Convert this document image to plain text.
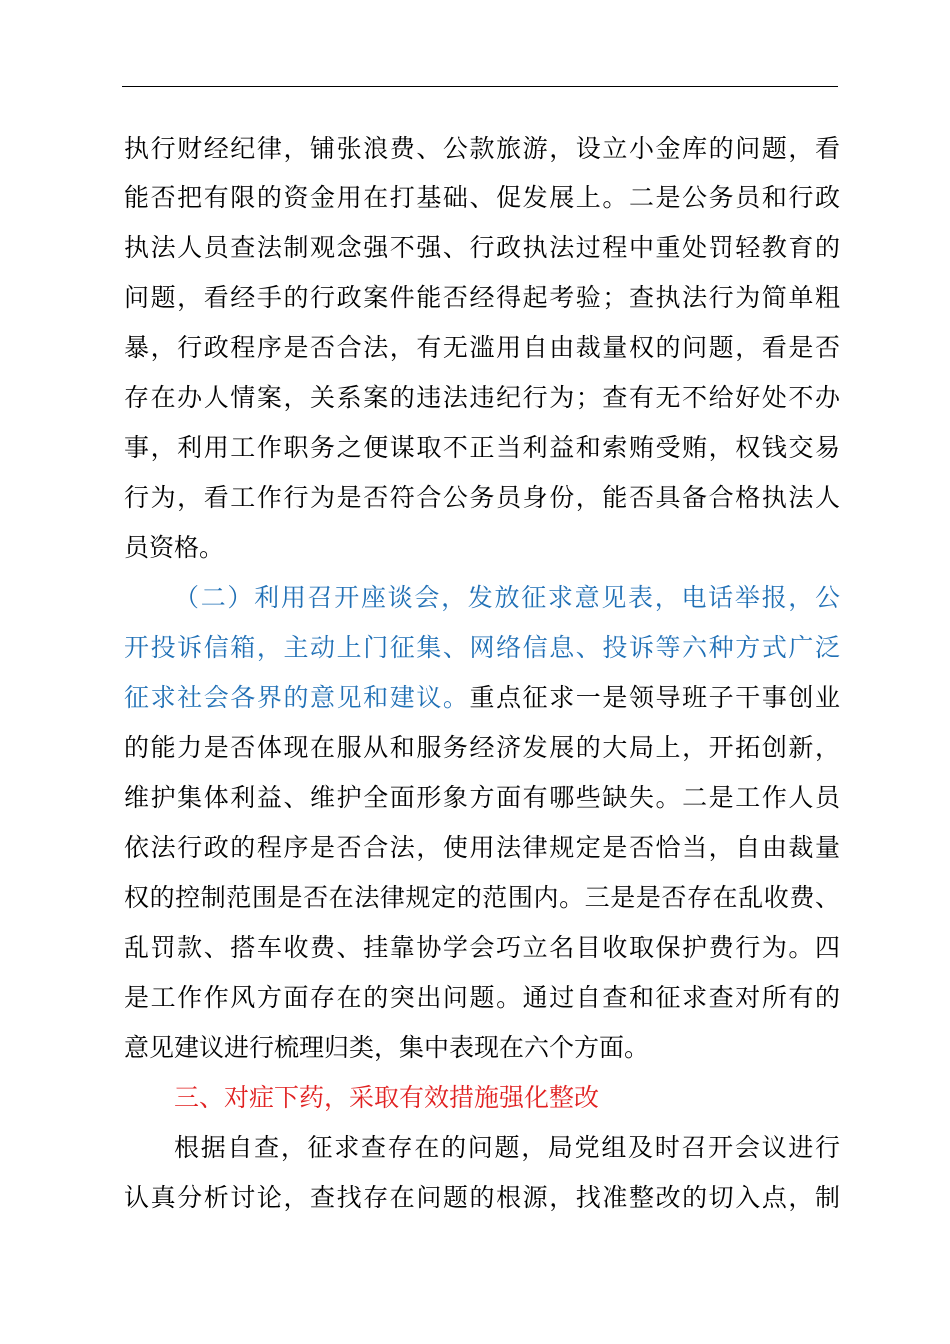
执行财经纪律，铺张浪费、公款旅游，设立小金库的问题，看
能否把有限的资金用在打基础、促发展上。二是公务员和行政
执法人员查法制观念强不强、行政执法过程中重处罚轻教育的
问题，看经手的行政案件能否经得起考验；查执法行为简单粗
暴，行政程序是否合法，有无滥用自由裁量权的问题，看是否
存在办人情案，关系案的违法违纪行为；查有无不给好处不办
事，利用工作职务之便谋取不正当利益和索贿受贿，权钱交易
行为，看工作行为是否符合公务员身份，能否具备合格执法人
员资格。
（二）利用召开座谈会，发放征求意见表，电话举报，公
开投诉信箱，主动上门征集、网络信息、投诉等六种方式广泛
征求社会各界的意见和建议。重点征求一是领导班子干事创业
的能力是否体现在服从和服务经济发展的大局上，开拓创新，
维护集体利益、维护全面形象方面有哪些缺失。二是工作人员
依法行政的程序是否合法，使用法律规定是否恰当，自由裁量
权的控制范围是否在法律规定的范围内。三是是否存在乱收费、
乱罚款、搭车收费、挂靠协学会巧立名目收取保护费行为。四
是工作作风方面存在的突出问题。通过自查和征求查对所有的
意见建议进行梳理归类，集中表现在六个方面。
三、对症下药，采取有效措施强化整改
根据自查，征求查存在的问题，局党组及时召开会议进行
认真分析讨论，查找存在问题的根源，找准整改的切入点，制
